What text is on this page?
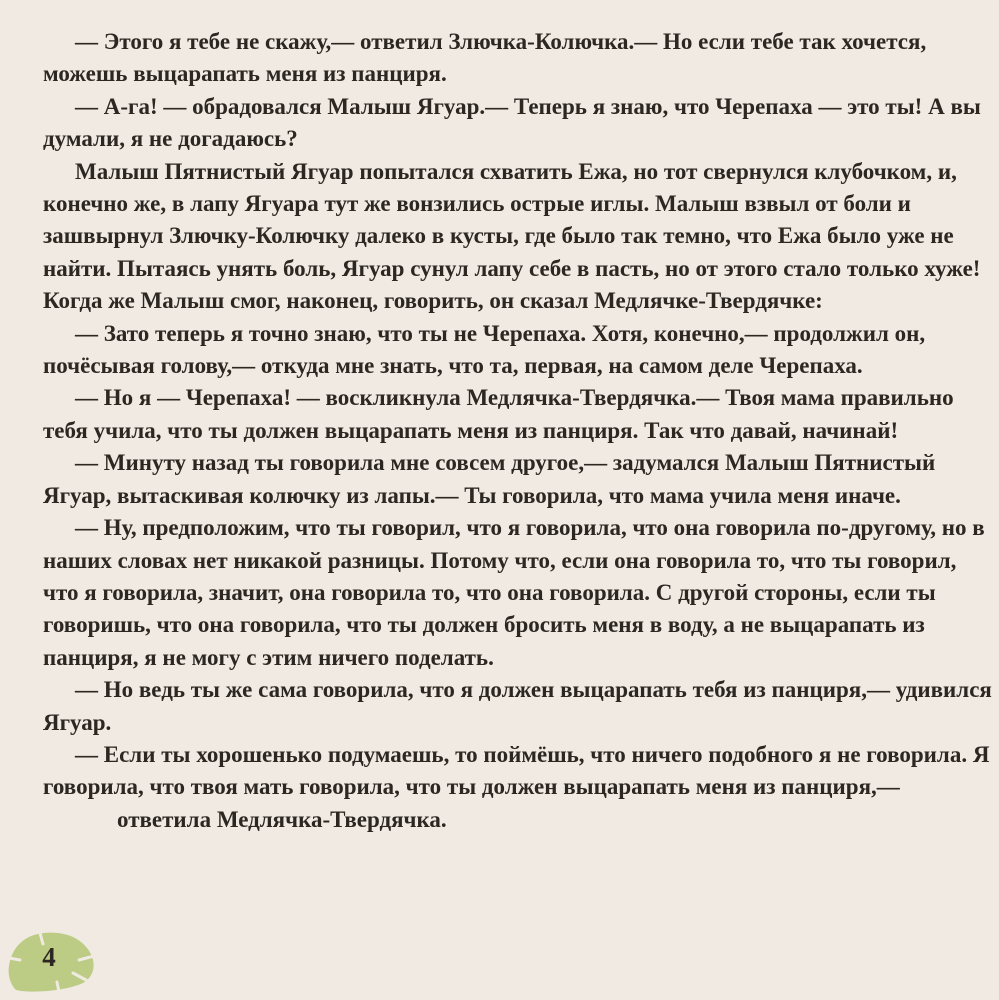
— Этого я тебе не скажу,— ответил Злючка-Колючка.— Но если тебе так хочется, можешь выцарапать меня из панциря.

— А-га! — обрадовался Малыш Ягуар.— Теперь я знаю, что Черепаха — это ты! А вы думали, я не догадаюсь?

Малыш Пятнистый Ягуар попытался схватить Ежа, но тот свернулся клубочком, и, конечно же, в лапу Ягуара тут же вонзились острые иглы. Малыш взвыл от боли и зашвырнул Злючку-Колючку далеко в кусты, где было так темно, что Ежа было уже не найти. Пытаясь унять боль, Ягуар сунул лапу себе в пасть, но от этого стало только хуже! Когда же Малыш смог, наконец, говорить, он сказал Медлячке-Твердячке:

— Зато теперь я точно знаю, что ты не Черепаха. Хотя, конечно,— продолжил он, почёсывая голову,— откуда мне знать, что та, первая, на самом деле Черепаха.

— Но я — Черепаха! — воскликнула Медлячка-Твердячка.— Твоя мама правильно тебя учила, что ты должен выцарапать меня из панциря. Так что давай, начинай!

— Минуту назад ты говорила мне совсем другое,— задумался Малыш Пятнистый Ягуар, вытаскивая колючку из лапы.— Ты говорила, что мама учила меня иначе.

— Ну, предположим, что ты говорил, что я говорила, что она говорила по-другому, но в наших словах нет никакой разницы. Потому что, если она говорила то, что ты говорил, что я говорила, значит, она говорила то, что она говорила. С другой стороны, если ты говоришь, что она говорила, что ты должен бросить меня в воду, а не выцарапать из панциря, я не могу с этим ничего поделать.

— Но ведь ты же сама говорила, что я должен выцарапать тебя из панциря,— удивился Ягуар.

— Если ты хорошенько подумаешь, то поймёшь, что ничего подобного я не говорила. Я говорила, что твоя мать говорила, что ты должен выцарапать меня из панциря,— ответила Медлячка-Твердячка.

4
